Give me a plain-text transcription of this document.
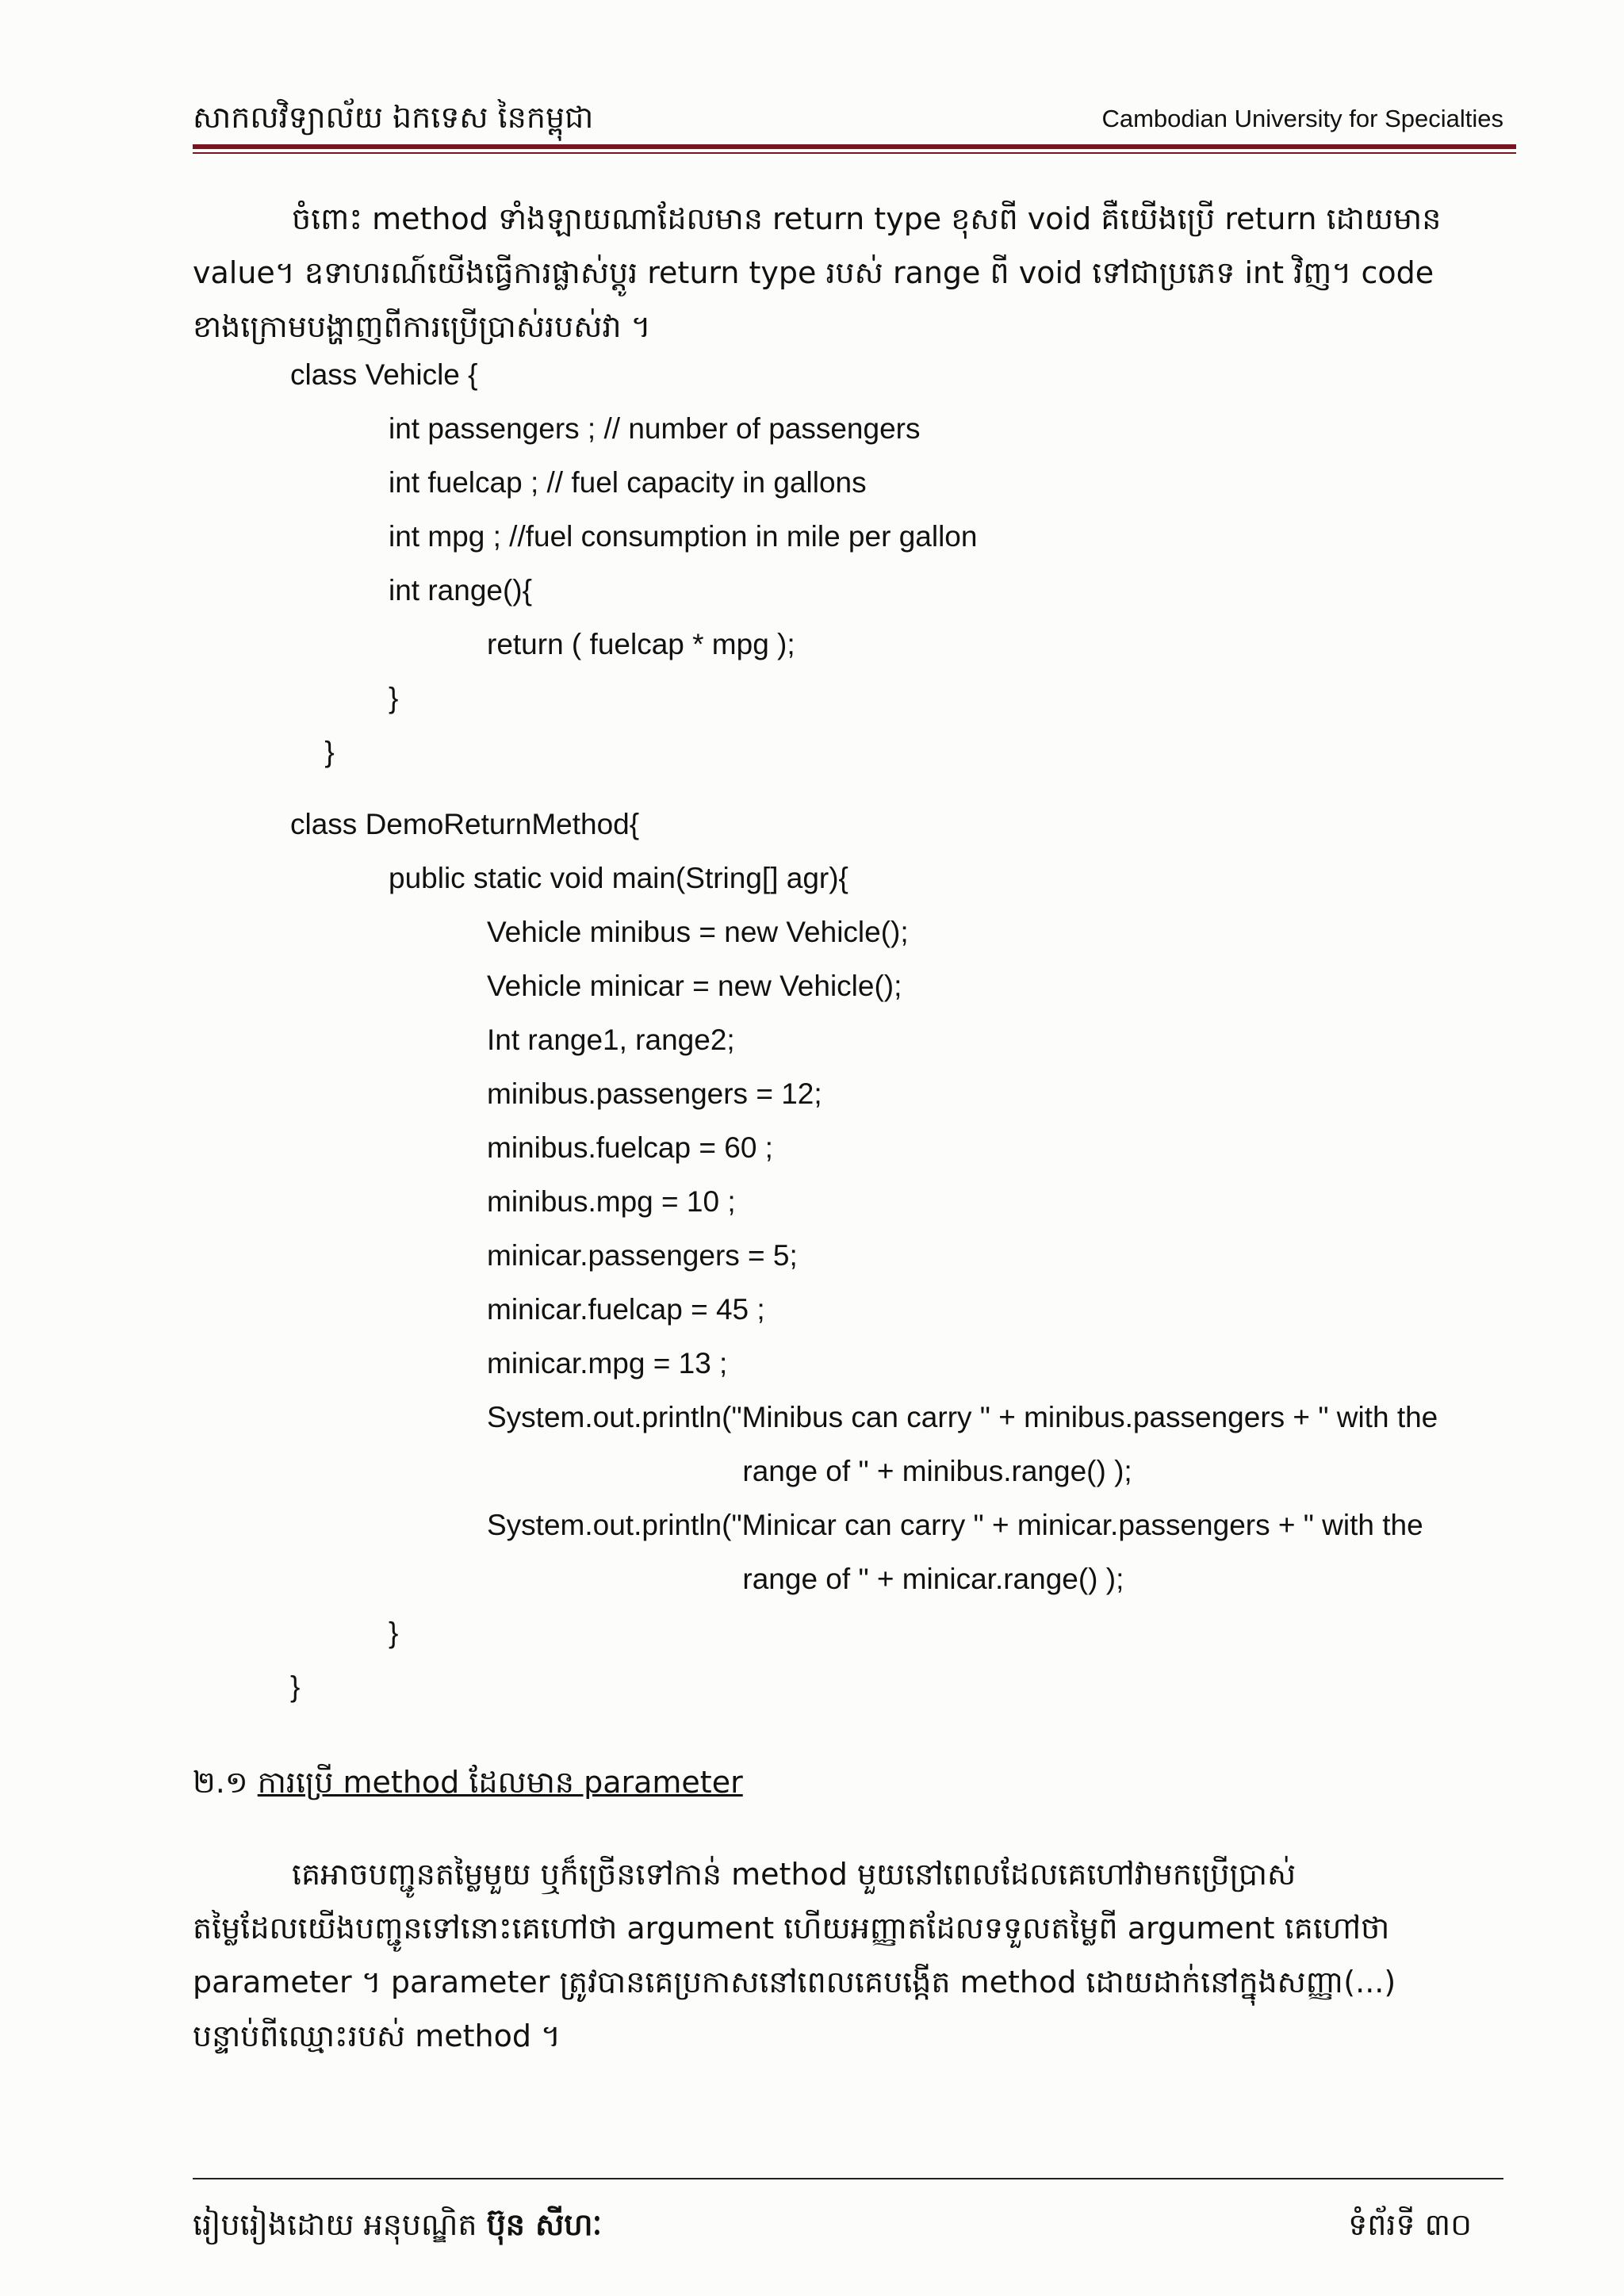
សាកលវិទ្យាល័យ ឯកទេស នៃកម្ពុជា	Cambodian University for Specialties
ចំពោះ method ទាំងឡាយណាដែលមាន return type ខុសពី void គឺយើងប្រើ return ដោយមាន
value។ ឧទាហរណ៍យើងធ្វើការផ្លាស់ប្តូរ return type របស់ range ពី void ទៅជាប្រភេទ int វិញ។ code
ខាងក្រោមបង្ហាញពីការប្រើប្រាស់របស់វា ។
class Vehicle {
int passengers ; // number of passengers
int fuelcap ; // fuel capacity in gallons
int mpg ; //fuel consumption in mile per gallon
int range(){
return ( fuelcap * mpg );
}
}
class DemoReturnMethod{
public static void main(String[] agr){
Vehicle minibus = new Vehicle();
Vehicle minicar = new Vehicle();
Int range1, range2;
minibus.passengers = 12;
minibus.fuelcap = 60 ;
minibus.mpg = 10 ;
minicar.passengers = 5;
minicar.fuelcap = 45 ;
minicar.mpg = 13 ;
System.out.println("Minibus can carry " + minibus.passengers + " with the
range of " + minibus.range() );
System.out.println("Minicar can carry " + minicar.passengers + " with the
range of " + minicar.range() );
}
}
២.១ ការប្រើ method ដែលមាន parameter
គេអាចបញ្ជូនតម្លៃមួយ ឬក៏ច្រើនទៅកាន់ method មួយនៅពេលដែលគេហៅវាមកប្រើប្រាស់
តម្លៃដែលយើងបញ្ជូនទៅនោះគេហៅថា argument ហើយអញ្ញាតដែលទទួលតម្លៃពី argument គេហៅថា
parameter ។ parameter ត្រូវបានគេប្រកាសនៅពេលគេបង្កើត method ដោយដាក់នៅក្នុងសញ្ញា(...)
បន្ទាប់ពីឈ្មោះរបស់ method ។
រៀបរៀងដោយ អនុបណ្ឌិត ប៊ុន សីហៈ	ទំព័រទី ៣០
